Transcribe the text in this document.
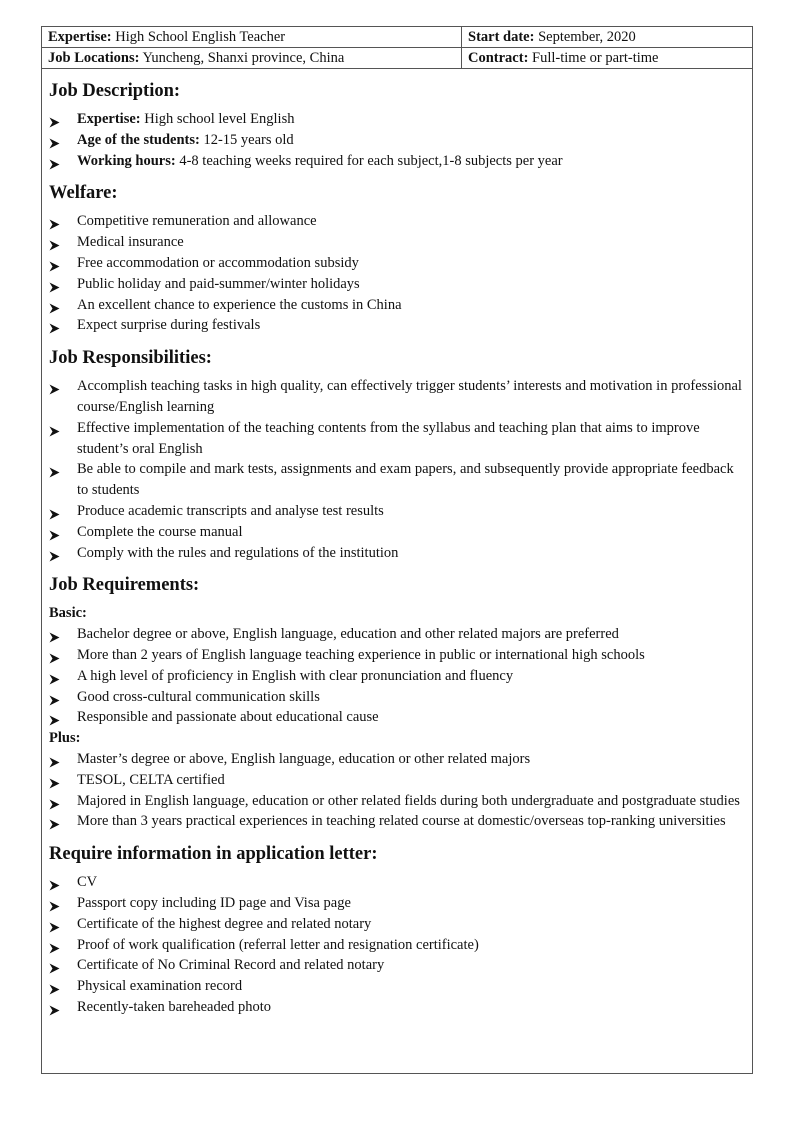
Expertise: High School English Teacher	Start date: September, 2020
Job Locations: Yuncheng, Shanxi province, China	Contract: Full-time or part-time
Job Description:
Expertise: High school level English
Age of the students: 12-15 years old
Working hours: 4-8 teaching weeks required for each subject,1-8 subjects per year
Welfare:
Competitive remuneration and allowance
Medical insurance
Free accommodation or accommodation subsidy
Public holiday and paid-summer/winter holidays
An excellent chance to experience the customs in China
Expect surprise during festivals
Job Responsibilities:
Accomplish teaching tasks in high quality, can effectively trigger students’ interests and motivation in professional course/English learning
Effective implementation of the teaching contents from the syllabus and teaching plan that aims to improve student’s oral English
Be able to compile and mark tests, assignments and exam papers, and subsequently provide appropriate feedback to students
Produce academic transcripts and analyse test results
Complete the course manual
Comply with the rules and regulations of the institution
Job Requirements:
Basic:
Bachelor degree or above, English language, education and other related majors are preferred
More than 2 years of English language teaching experience in public or international high schools
A high level of proficiency in English with clear pronunciation and fluency
Good cross-cultural communication skills
Responsible and passionate about educational cause
Plus:
Master’s degree or above, English language, education or other related majors
TESOL, CELTA certified
Majored in English language, education or other related fields during both undergraduate and postgraduate studies
More than 3 years practical experiences in teaching related course at domestic/overseas top-ranking universities
Require information in application letter:
CV
Passport copy including ID page and Visa page
Certificate of the highest degree and related notary
Proof of work qualification (referral letter and resignation certificate)
Certificate of No Criminal Record and related notary
Physical examination record
Recently-taken bareheaded photo
